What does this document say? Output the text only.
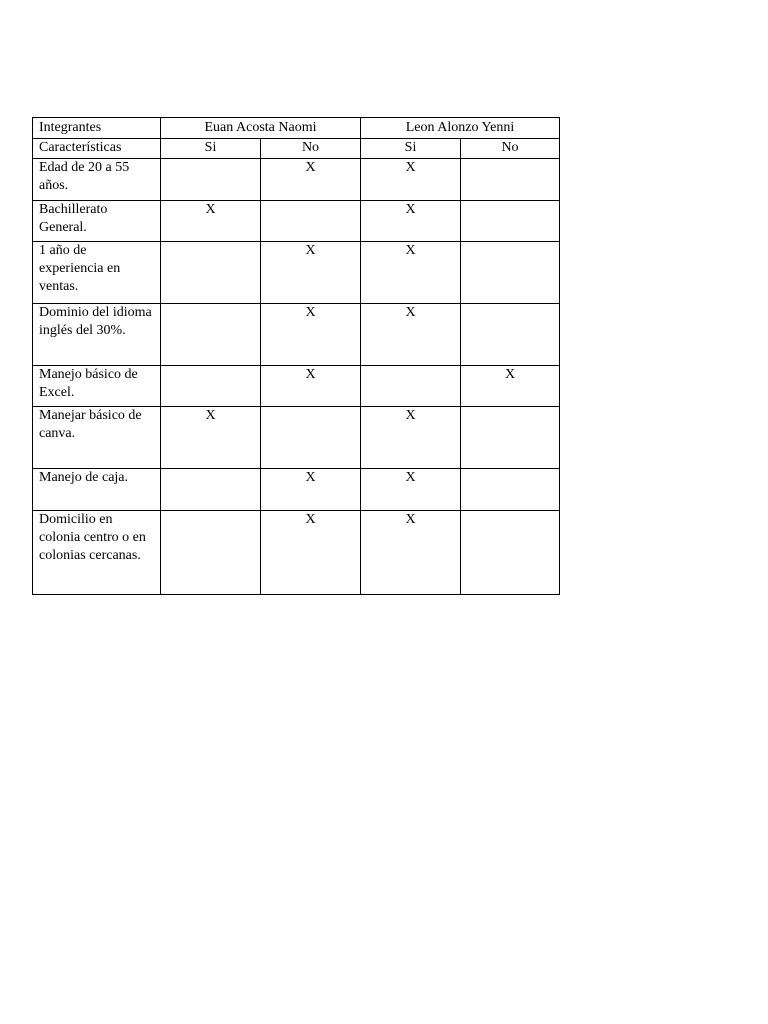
Integrantes	Euan Acosta Naomi		Leon Alonzo Yenni	
Características	Si	No	Si	No
Edad de 20 a 55 años.		X	X	
Bachillerato General.	X		X	
1 año de experiencia en ventas.		X	X	
Dominio del idioma inglés del 30%.		X	X	
Manejo básico de Excel.		X		X
Manejar básico de canva.	X		X	
Manejo de caja.		X	X	
Domicilio en colonia centro o en colonias cercanas.		X	X	
